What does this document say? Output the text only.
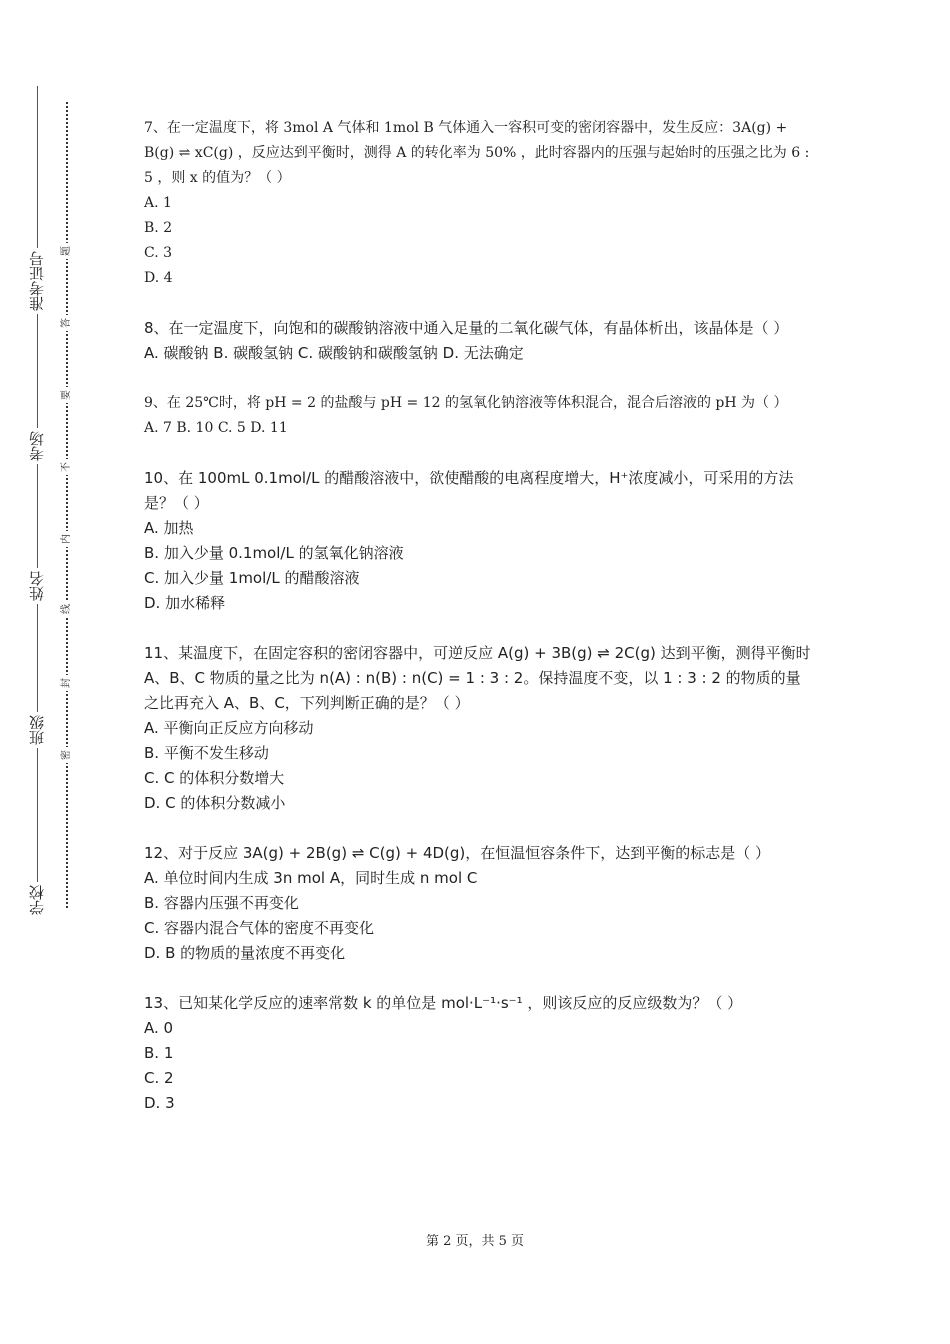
准考证号
考场
姓名
班级
学校
题
答
要
不
内
线
封
密

7、在一定温度下，将 3mol A 气体和 1mol B 气体通入一容积可变的密闭容器中，发生反应：3A(g) + B(g) ⇌ xC(g) ，反应达到平衡时，测得 A 的转化率为 50% ，此时容器内的压强与起始时的压强之比为 6 : 5 ，则 x 的值为？（ ）

A. 1

B. 2

C. 3

D. 4

8、在一定温度下，向饱和的碳酸钠溶液中通入足量的二氧化碳气体，有晶体析出，该晶体是（ ）

A. 碳酸钠 B. 碳酸氢钠 C. 碳酸钠和碳酸氢钠 D. 无法确定

9、在 25℃时，将 pH = 2 的盐酸与 pH = 12 的氢氧化钠溶液等体积混合，混合后溶液的 pH 为（ ）

A. 7 B. 10 C. 5 D. 11

10、在 100mL 0.1mol/L 的醋酸溶液中，欲使醋酸的电离程度增大，H⁺浓度减小，可采用的方法是？（ ）

A. 加热

B. 加入少量 0.1mol/L 的氢氧化钠溶液

C. 加入少量 1mol/L 的醋酸溶液

D. 加水稀释

11、某温度下，在固定容积的密闭容器中，可逆反应 A(g) + 3B(g) ⇌ 2C(g) 达到平衡，测得平衡时 A、B、C 物质的量之比为 n(A) : n(B) : n(C) = 1 : 3 : 2。保持温度不变，以 1 : 3 : 2 的物质的量之比再充入 A、B、C，下列判断正确的是？（ ）

A. 平衡向正反应方向移动

B. 平衡不发生移动

C. C 的体积分数增大

D. C 的体积分数减小

12、对于反应 3A(g) + 2B(g) ⇌ C(g) + 4D(g)，在恒温恒容条件下，达到平衡的标志是（ ）

A. 单位时间内生成 3n mol A，同时生成 n mol C

B. 容器内压强不再变化

C. 容器内混合气体的密度不再变化

D. B 的物质的量浓度不再变化

13、已知某化学反应的速率常数 k 的单位是 mol·L⁻¹·s⁻¹ ，则该反应的反应级数为？（ ）

A. 0

B. 1

C. 2

D. 3

第 2 页，共 5 页
